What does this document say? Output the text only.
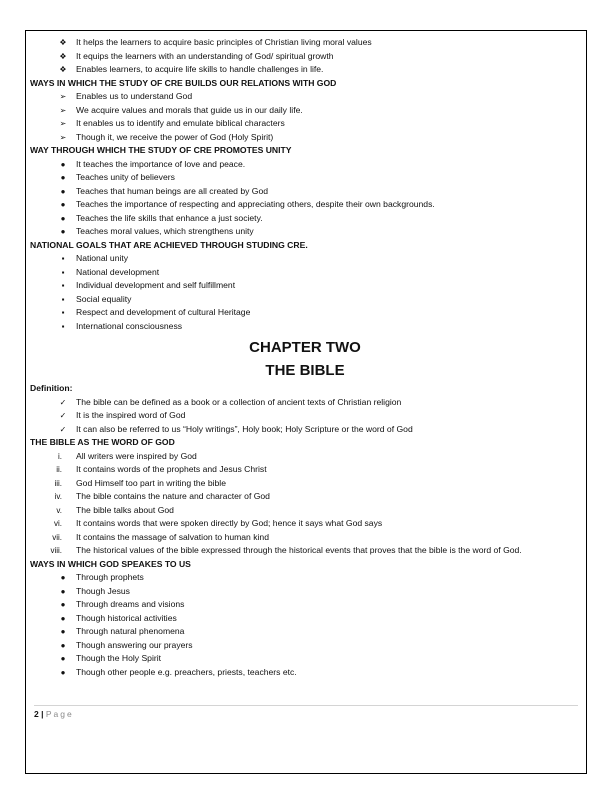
❖	It helps the learners to acquire basic principles of Christian living moral values
❖	It equips the learners with an understanding of God/ spiritual growth
❖	Enables learners, to acquire life skills to handle challenges in life.
WAYS IN WHICH THE STUDY OF CRE BUILDS OUR RELATIONS WITH GOD
➢	Enables us to understand God
➢	We acquire values and morals that guide us in our daily life.
➢	It enables us to identify and emulate biblical characters
➢	Though it, we receive the power of God (Holy Spirit)
WAY THROUGH WHICH THE STUDY OF CRE PROMOTES UNITY
●	It teaches the importance of love and peace.
●	Teaches unity of believers
●	Teaches that human beings are all created by God
●	Teaches the importance of respecting and appreciating others, despite their own backgrounds.
●	Teaches the life skills that enhance a just society.
●	Teaches moral values, which strengthens unity
NATIONAL GOALS THAT ARE ACHIEVED THROUGH STUDING CRE.
▪	National unity
▪	National development
▪	Individual development and self fulfillment
▪	Social equality
▪	Respect and development of cultural Heritage
▪	International consciousness
CHAPTER TWO
THE BIBLE
Definition:
✓	The bible can be defined as a book or a collection of ancient texts of Christian religion
✓	It is the inspired word of God
✓	It can also be referred to us “Holy writings”, Holy book; Holy Scripture or the word of God
THE BIBLE AS THE WORD OF GOD
i.	All writers were inspired by God
ii.	It contains words of the prophets and Jesus Christ
iii.	God Himself too part in writing the bible
iv.	The bible contains the nature and character of God
v.	The bible talks about God
vi.	It contains words that were spoken directly by God; hence it says what God says
vii.	It contains the massage of salvation to human kind
viii.	The historical values of the bible expressed through the historical events that proves that the bible is the word of God.
WAYS IN WHICH GOD SPEAKES TO US
●	Through prophets
●	Though Jesus
●	Through dreams and visions
●	Though historical activities
●	Through natural phenomena
●	Though answering our prayers
●	Though the Holy Spirit
●	Though other people e.g. preachers, priests, teachers etc.
2 | Page
